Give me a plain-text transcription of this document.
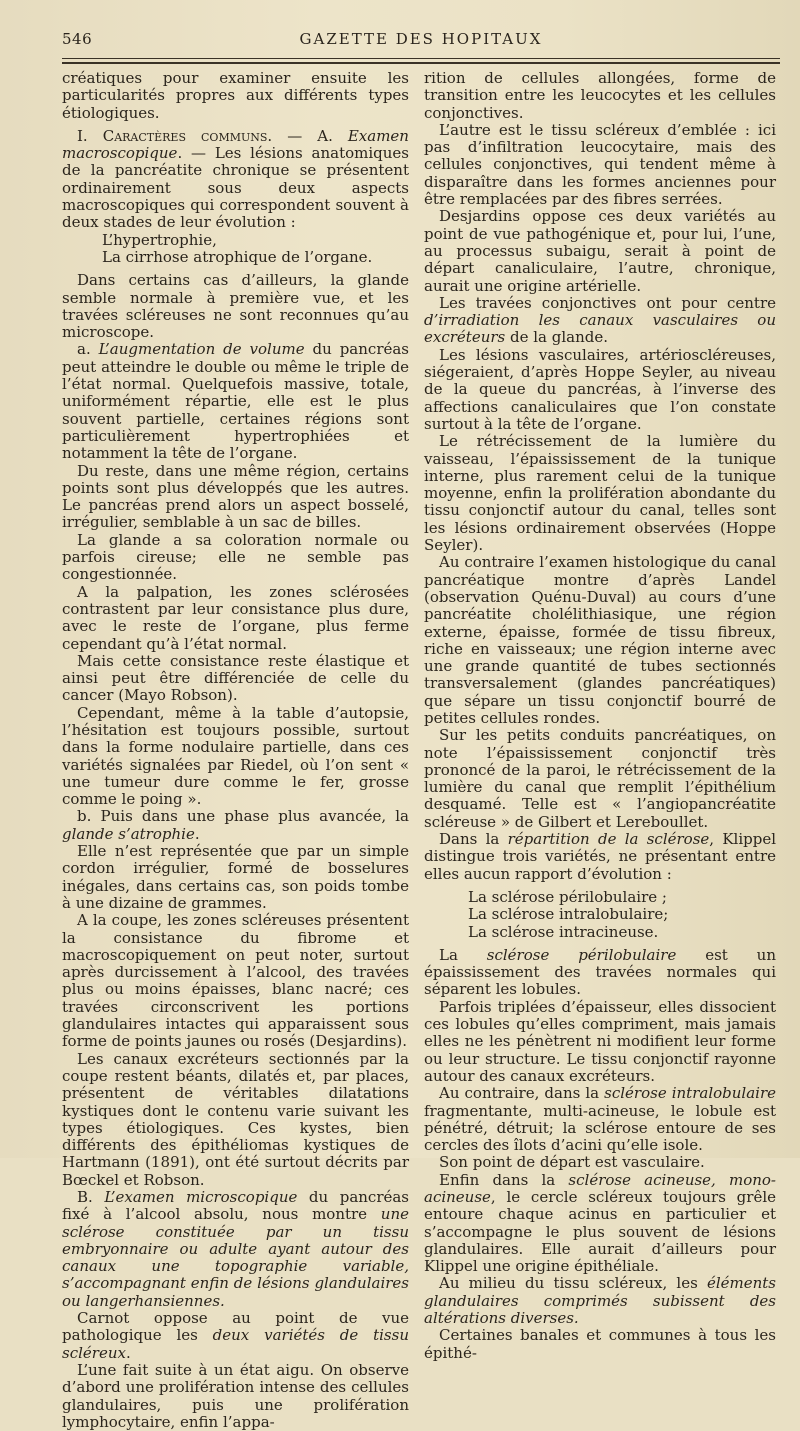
546	GAZETTE DES HOPITAUX

créatiques pour examiner ensuite les particularités propres aux différents types étiologiques.

I. Caractères communs. — A. Examen macroscopique. — Les lésions anatomiques de la pancréatite chronique se présentent ordinairement sous deux aspects macroscopiques qui correspondent souvent à deux stades de leur évolution :

L’hypertrophie,

La cirrhose atrophique de l’organe.

Dans certains cas d’ailleurs, la glande semble normale à première vue, et les travées scléreuses ne sont reconnues qu’au microscope.

a. L’augmentation de volume du pancréas peut atteindre le double ou même le triple de l’état normal. Quelquefois massive, totale, uniformément répartie, elle est le plus souvent partielle, certaines régions sont particulièrement hypertrophiées et notamment la tête de l’organe.

Du reste, dans une même région, certains points sont plus développés que les autres. Le pancréas prend alors un aspect bosselé, irrégulier, semblable à un sac de billes.

La glande a sa coloration normale ou parfois cireuse; elle ne semble pas congestionnée.

A la palpation, les zones sclérosées contrastent par leur consistance plus dure, avec le reste de l’organe, plus ferme cependant qu’à l’état normal.

Mais cette consistance reste élastique et ainsi peut être différenciée de celle du cancer (Mayo Robson).

Cependant, même à la table d’autopsie, l’hésitation est toujours possible, surtout dans la forme nodulaire partielle, dans ces variétés signalées par Riedel, où l’on sent « une tumeur dure comme le fer, grosse comme le poing ».

b. Puis dans une phase plus avancée, la glande s’atrophie.

Elle n’est représentée que par un simple cordon irrégulier, formé de bosselures inégales, dans certains cas, son poids tombe à une dizaine de grammes.

A la coupe, les zones scléreuses présentent la consistance du fibrome et macroscopiquement on peut noter, surtout après durcissement à l’alcool, des travées plus ou moins épaisses, blanc nacré; ces travées circonscrivent les portions glandulaires intactes qui apparaissent sous forme de points jaunes ou rosés (Desjardins).

Les canaux excréteurs sectionnés par la coupe restent béants, dilatés et, par places, présentent de véritables dilatations kystiques dont le contenu varie suivant les types étiologiques. Ces kystes, bien différents des épithéliomas kystiques de Hartmann (1891), ont été surtout décrits par Bœckel et Robson.

B. L’examen microscopique du pancréas fixé à l’alcool absolu, nous montre une sclérose constituée par un tissu embryonnaire ou adulte ayant autour des canaux une topographie variable, s’accompagnant enfin de lésions glandulaires ou langerhansiennes.

Carnot oppose au point de vue pathologique les deux variétés de tissu scléreux.

L’une fait suite à un état aigu. On observe d’abord une prolifération intense des cellules glandulaires, puis une prolifération lymphocytaire, enfin l’appa-

rition de cellules allongées, forme de transition entre les leucocytes et les cellules conjonctives.

L’autre est le tissu scléreux d’emblée : ici pas d’infiltration leucocytaire, mais des cellules conjonctives, qui tendent même à disparaître dans les formes anciennes pour être remplacées par des fibres serrées.

Desjardins oppose ces deux variétés au point de vue pathogénique et, pour lui, l’une, au processus subaigu, serait à point de départ canaliculaire, l’autre, chronique, aurait une origine artérielle.

Les travées conjonctives ont pour centre d’irradiation les canaux vasculaires ou excréteurs de la glande.

Les lésions vasculaires, artérioscléreuses, siégeraient, d’après Hoppe Seyler, au niveau de la queue du pancréas, à l’inverse des affections canaliculaires que l’on constate surtout à la tête de l’organe.

Le rétrécissement de la lumière du vaisseau, l’épaississement de la tunique interne, plus rarement celui de la tunique moyenne, enfin la prolifération abondante du tissu conjonctif autour du canal, telles sont les lésions ordinairement observées (Hoppe Seyler).

Au contraire l’examen histologique du canal pancréatique montre d’après Landel (observation Quénu-Duval) au cours d’une pancréatite cholélithiasique, une région externe, épaisse, formée de tissu fibreux, riche en vaisseaux; une région interne avec une grande quantité de tubes sectionnés transversalement (glandes pancréatiques) que sépare un tissu conjonctif bourré de petites cellules rondes.

Sur les petits conduits pancréatiques, on note l’épaississement conjonctif très prononcé de la paroi, le rétrécissement de la lumière du canal que remplit l’épithélium desquamé. Telle est « l’angiopancréatite scléreuse » de Gilbert et Lereboullet.

Dans la répartition de la sclérose, Klippel distingue trois variétés, ne présentant entre elles aucun rapport d’évolution :

La sclérose périlobulaire ;

La sclérose intralobulaire;

La sclérose intracineuse.

La sclérose périlobulaire est un épaississement des travées normales qui séparent les lobules.

Parfois triplées d’épaisseur, elles dissocient ces lobules qu’elles compriment, mais jamais elles ne les pénètrent ni modifient leur forme ou leur structure. Le tissu conjonctif rayonne autour des canaux excréteurs.

Au contraire, dans la sclérose intralobulaire fragmentante, multi-acineuse, le lobule est pénétré, détruit; la sclérose entoure de ses cercles des îlots d’acini qu’elle isole.

Son point de départ est vasculaire.

Enfin dans la sclérose acineuse, mono-acineuse, le cercle scléreux toujours grêle entoure chaque acinus en particulier et s’accompagne le plus souvent de lésions glandulaires. Elle aurait d’ailleurs pour Klippel une origine épithéliale.

Au milieu du tissu scléreux, les éléments glandulaires comprimés subissent des altérations diverses.

Certaines banales et communes à tous les épithé-
